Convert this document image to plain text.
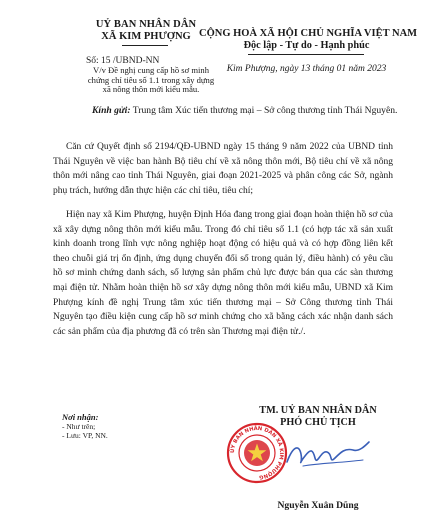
UỶ BAN NHÂN DÂN
XÃ KIM PHƯỢNG
Số: 15 /UBND-NN
V/v Đề nghị cung cấp hồ sơ minh chứng chỉ tiêu số 1.1 trong xây dựng xã nông thôn mới kiểu mẫu.
CỘNG HOÀ XÃ HỘI CHỦ NGHĨA VIỆT NAM
Độc lập - Tự do - Hạnh phúc
Kim Phượng, ngày 13 tháng 01 năm 2023
Kính gửi: Trung tâm Xúc tiến thương mại – Sở công thương tỉnh Thái Nguyên.

Căn cứ Quyết định số 2194/QĐ-UBND ngày 15 tháng 9 năm 2022 của UBND tỉnh Thái Nguyên về việc ban hành Bộ tiêu chí về xã nông thôn mới, Bộ tiêu chí về xã nông thôn mới nâng cao tỉnh Thái Nguyên, giai đoạn 2021-2025 và phân công các Sở, ngành phụ trách, hướng dẫn thực hiện các chỉ tiêu, tiêu chí;

Hiện nay xã Kim Phượng, huyện Định Hóa đang trong giai đoạn hoàn thiện hồ sơ của xã xây dựng nông thôn mới kiểu mẫu. Trong đó chỉ tiêu số 1.1 (có hợp tác xã sản xuất kinh doanh trong lĩnh vực nông nghiệp hoạt động có hiệu quả và có hợp đồng liên kết theo chuỗi giá trị ổn định, ứng dụng chuyển đổi số trong quản lý, điều hành) có yêu cầu hồ sơ minh chứng danh sách, số lượng sản phẩm chủ lực được bán qua các sàn thương mại điện tử. Nhằm hoàn thiện hồ sơ xây dựng nông thôn mới kiểu mẫu, UBND xã Kim Phượng kính đề nghị Trung tâm xúc tiến thương mại – Sở Công thương tỉnh Thái Nguyên tạo điều kiện cung cấp hồ sơ minh chứng cho xã bằng cách xác nhận danh sách các sản phẩm của địa phương đã có trên sàn Thương mại điện tử./.

Nơi nhận:
- Như trên;
- Lưu: VP, NN.
TM. UỶ BAN NHÂN DÂN
PHÓ CHỦ TỊCH
ỦY BAN NHÂN DÂN XÃ KIM PHƯỢNG
Nguyễn Xuân Dũng
